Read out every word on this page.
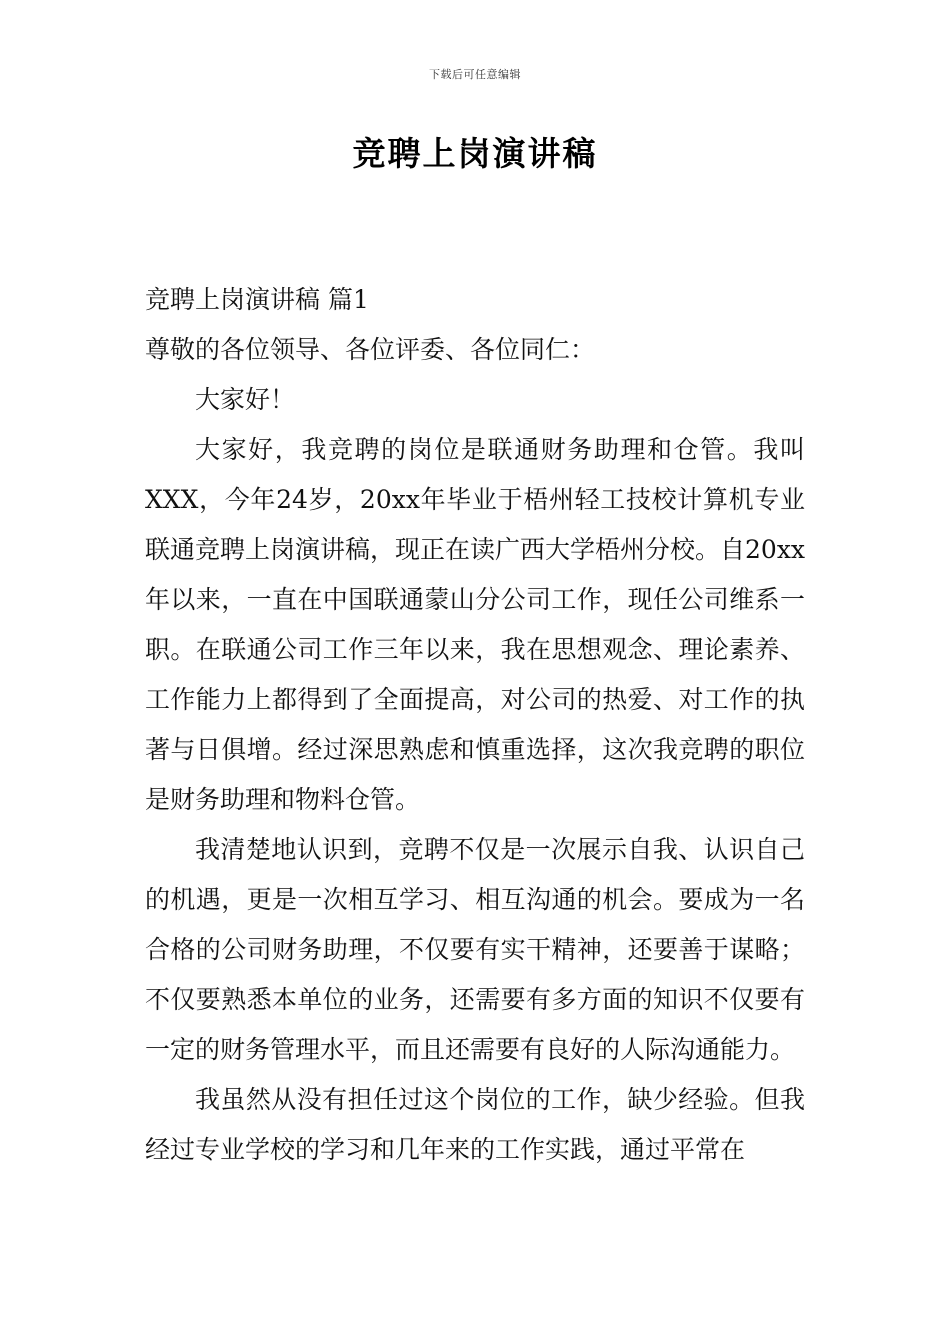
下载后可任意编辑
竞聘上岗演讲稿

竞聘上岗演讲稿 篇1

尊敬的各位领导、各位评委、各位同仁：

大家好！

大家好，我竞聘的岗位是联通财务助理和仓管。我叫XXX，今年24岁，20xx年毕业于梧州轻工技校计算机专业联通竞聘上岗演讲稿，现正在读广西大学梧州分校。自20xx年以来，一直在中国联通蒙山分公司工作，现任公司维系一职。在联通公司工作三年以来，我在思想观念、理论素养、工作能力上都得到了全面提高，对公司的热爱、对工作的执著与日俱增。经过深思熟虑和慎重选择，这次我竞聘的职位是财务助理和物料仓管。

我清楚地认识到，竞聘不仅是一次展示自我、认识自己的机遇，更是一次相互学习、相互沟通的机会。要成为一名合格的公司财务助理，不仅要有实干精神，还要善于谋略；不仅要熟悉本单位的业务，还需要有多方面的知识不仅要有一定的财务管理水平，而且还需要有良好的人际沟通能力。

我虽然从没有担任过这个岗位的工作，缺少经验。但我经过专业学校的学习和几年来的工作实践，通过平常在
